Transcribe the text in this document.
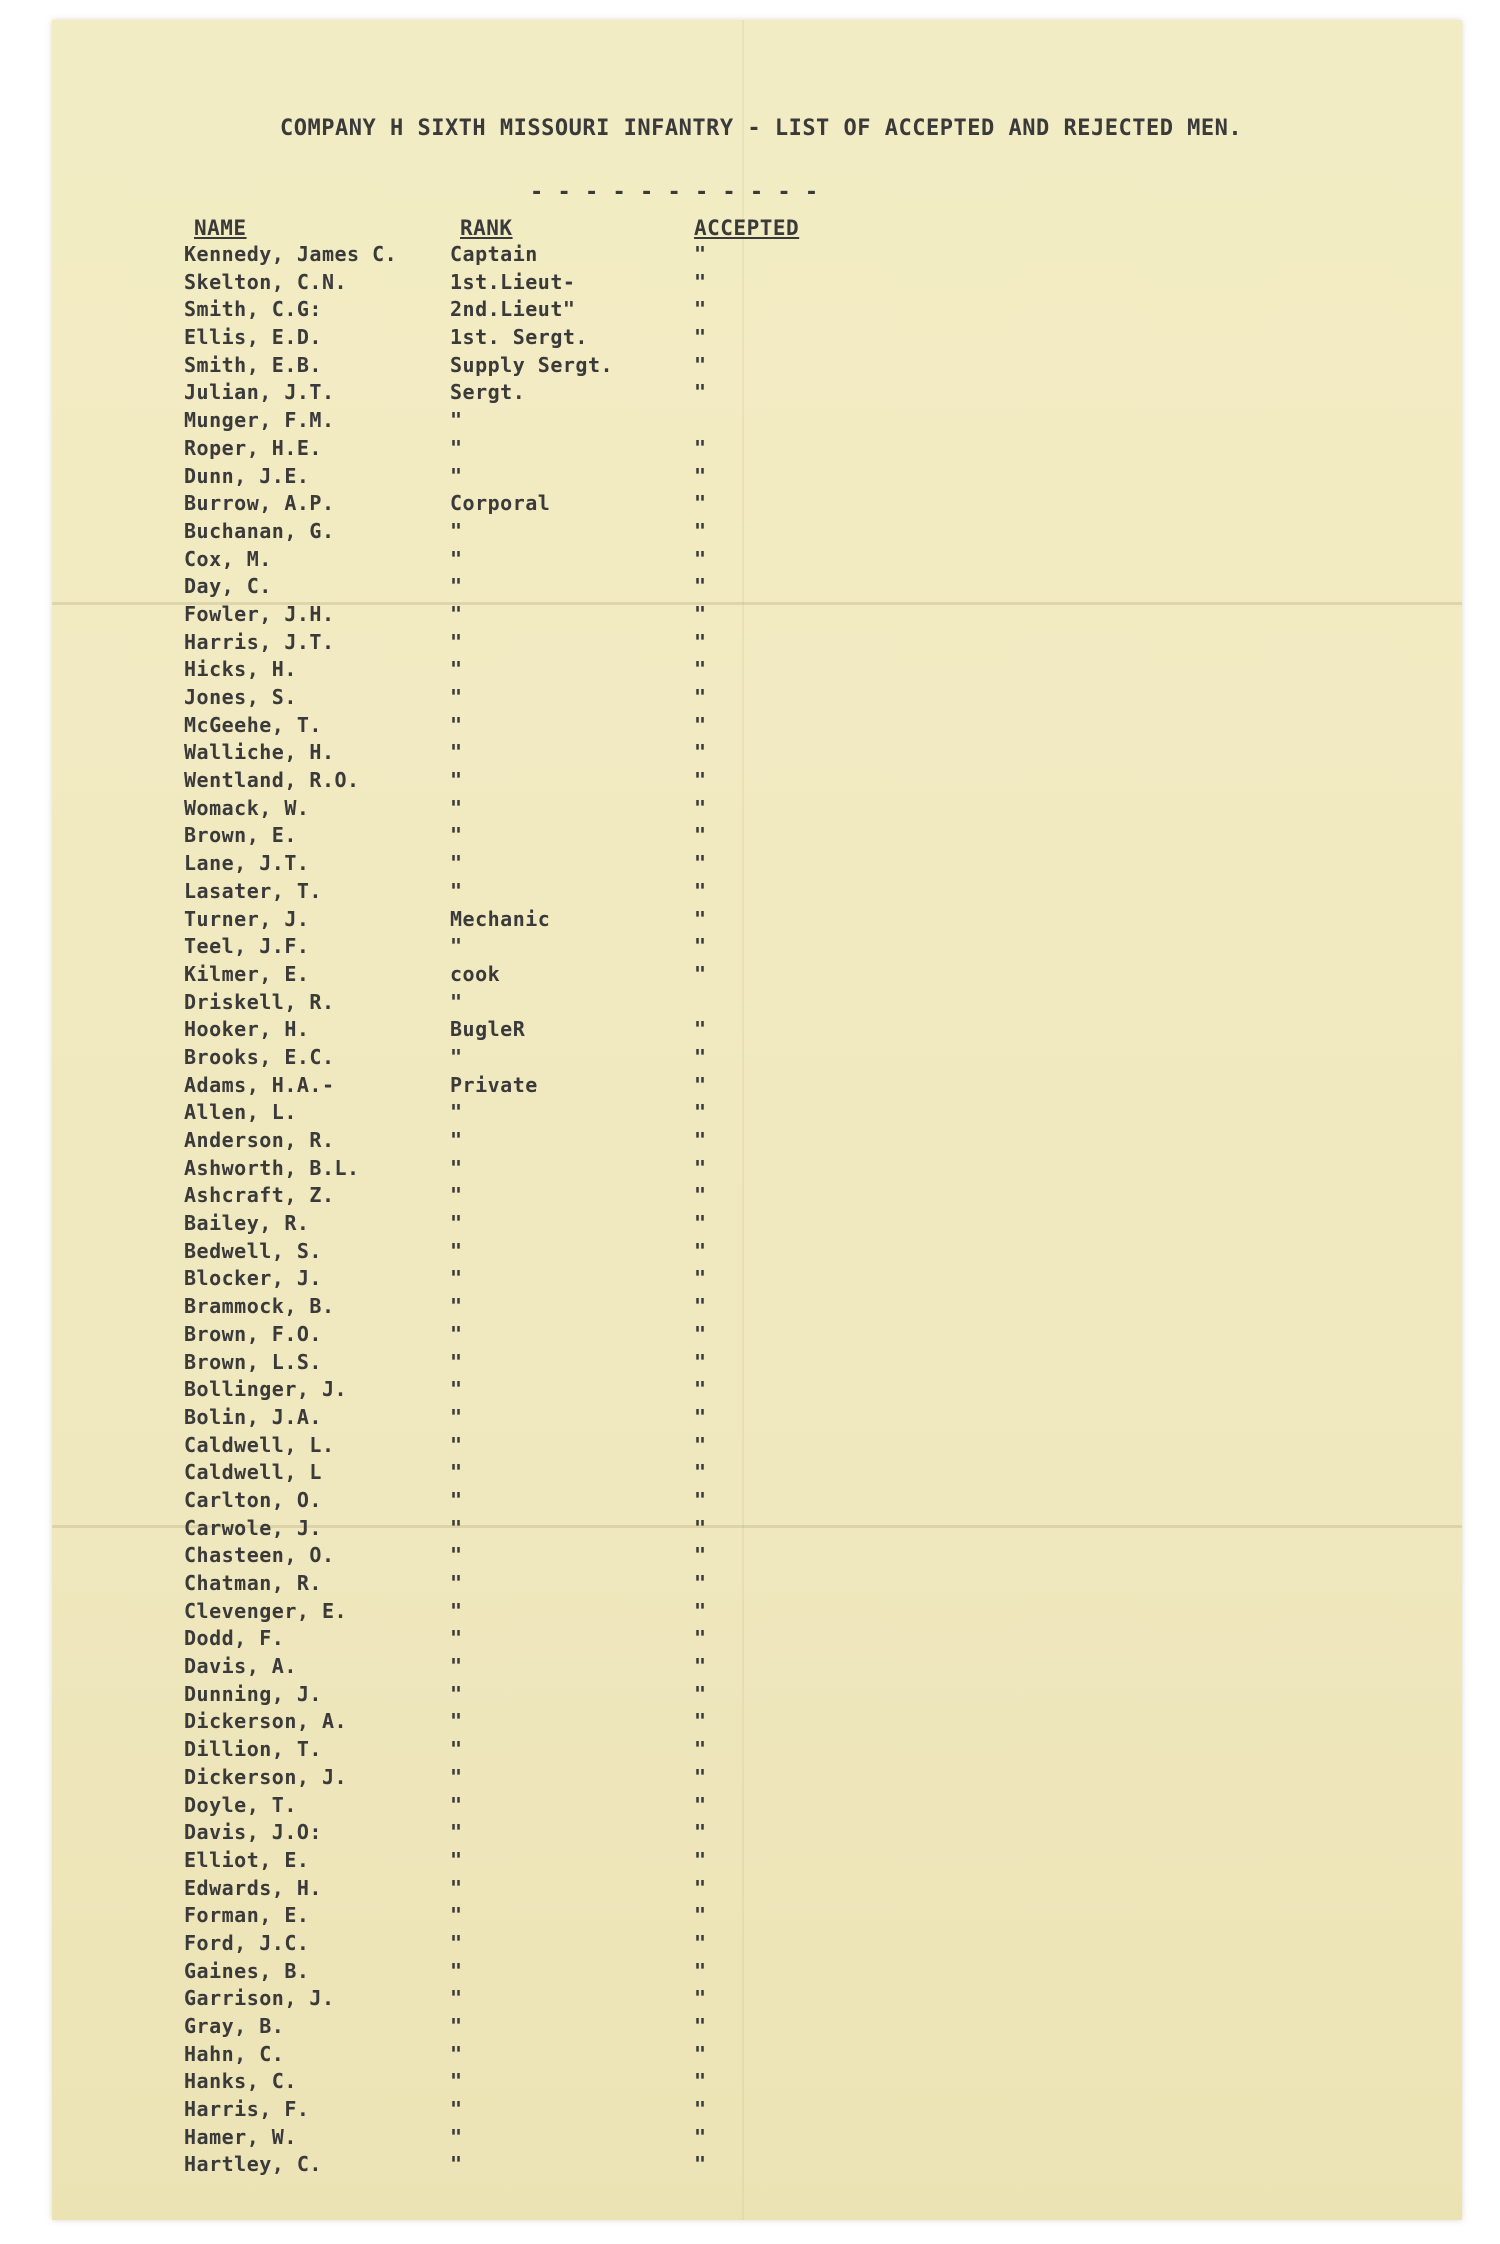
COMPANY H SIXTH MISSOURI INFANTRY - LIST OF ACCEPTED AND REJECTED MEN.
- - - - - - - - - - -
NAME	RANK	ACCEPTED
Kennedy, James C.	Captain	"
Skelton, C.N.	1st.Lieut-	"
Smith, C.G:	2nd.Lieut"	"
Ellis, E.D.	1st. Sergt.	"
Smith, E.B.	Supply Sergt.	"
Julian, J.T.	Sergt.	"
Munger, F.M.	"
Roper, H.E.	"	"
Dunn, J.E.	"	"
Burrow, A.P.	Corporal	"
Buchanan, G.	"	"
Cox, M.	"	"
Day, C.	"	"
Fowler, J.H.	"	"
Harris, J.T.	"	"
Hicks, H.	"	"
Jones, S.	"	"
McGeehe, T.	"	"
Walliche, H.	"	"
Wentland, R.O.	"	"
Womack, W.	"	"
Brown, E.	"	"
Lane, J.T.	"	"
Lasater, T.	"	"
Turner, J.	Mechanic	"
Teel, J.F.	"	"
Kilmer, E.	cook	"
Driskell, R.	"
Hooker, H.	BugleR	"
Brooks, E.C.	"	"
Adams, H.A.-	Private	"
Allen, L.	"	"
Anderson, R.	"	"
Ashworth, B.L.	"	"
Ashcraft, Z.	"	"
Bailey, R.	"	"
Bedwell, S.	"	"
Blocker, J.	"	"
Brammock, B.	"	"
Brown, F.O.	"	"
Brown, L.S.	"	"
Bollinger, J.	"	"
Bolin, J.A.	"	"
Caldwell, L.	"	"
Caldwell, L	"	"
Carlton, O.	"	"
Carwole, J.	"	"
Chasteen, O.	"	"
Chatman, R.	"	"
Clevenger, E.	"	"
Dodd, F.	"	"
Davis, A.	"	"
Dunning, J.	"	"
Dickerson, A.	"	"
Dillion, T.	"	"
Dickerson, J.	"	"
Doyle, T.	"	"
Davis, J.O:	"	"
Elliot, E.	"	"
Edwards, H.	"	"
Forman, E.	"	"
Ford, J.C.	"	"
Gaines, B.	"	"
Garrison, J.	"	"
Gray, B.	"	"
Hahn, C.	"	"
Hanks, C.	"	"
Harris, F.	"	"
Hamer, W.	"	"
Hartley, C.	"	"
